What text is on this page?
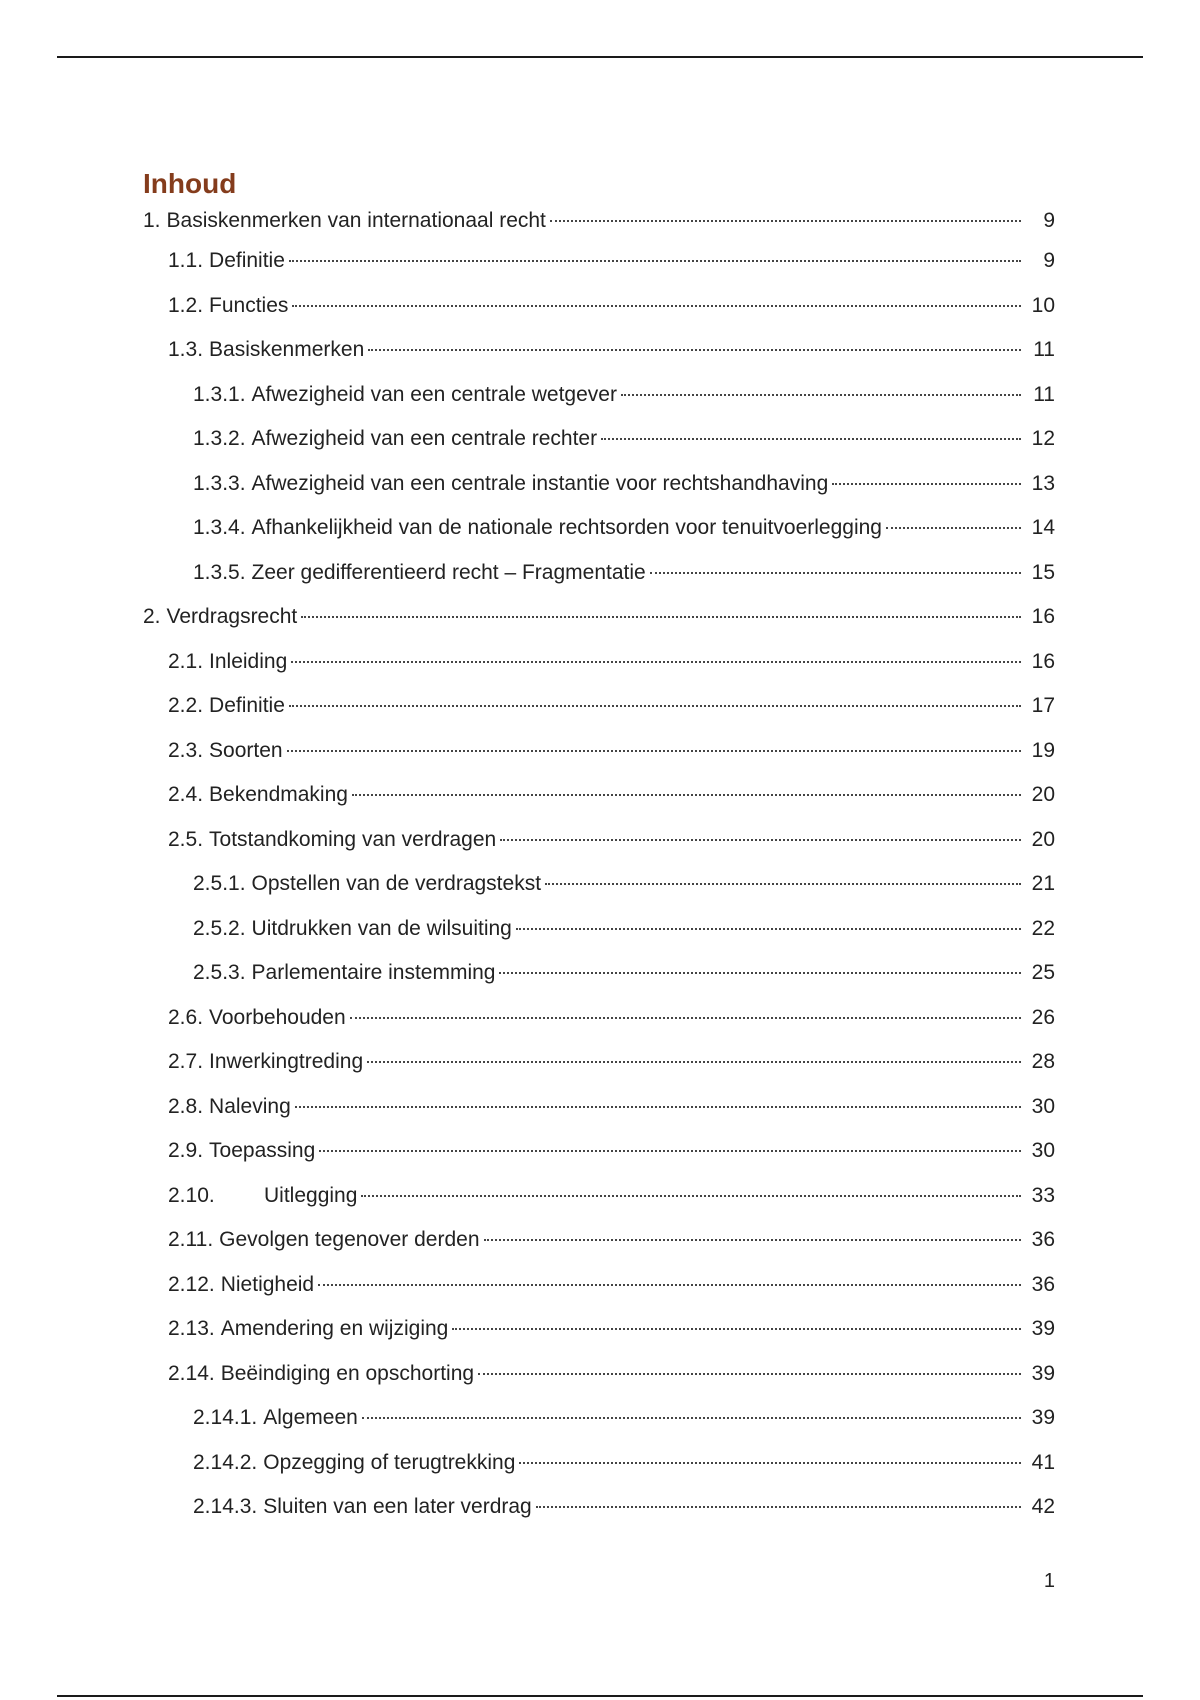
Inhoud
1. Basiskenmerken van internationaal recht	9
1.1. Definitie	9
1.2. Functies	10
1.3. Basiskenmerken	11
1.3.1. Afwezigheid van een centrale wetgever	11
1.3.2. Afwezigheid van een centrale rechter	12
1.3.3. Afwezigheid van een centrale instantie voor rechtshandhaving	13
1.3.4. Afhankelijkheid van de nationale rechtsorden voor tenuitvoerlegging	14
1.3.5. Zeer gedifferentieerd recht – Fragmentatie	15
2. Verdragsrecht	16
2.1. Inleiding	16
2.2. Definitie	17
2.3. Soorten	19
2.4. Bekendmaking	20
2.5. Totstandkoming van verdragen	20
2.5.1. Opstellen van de verdragstekst	21
2.5.2. Uitdrukken van de wilsuiting	22
2.5.3. Parlementaire instemming	25
2.6. Voorbehouden	26
2.7. Inwerkingtreding	28
2.8. Naleving	30
2.9. Toepassing	30
2.10.	Uitlegging	33
2.11. Gevolgen tegenover derden	36
2.12. Nietigheid	36
2.13. Amendering en wijziging	39
2.14. Beëindiging en opschorting	39
2.14.1. Algemeen	39
2.14.2. Opzegging of terugtrekking	41
2.14.3. Sluiten van een later verdrag	42
1
